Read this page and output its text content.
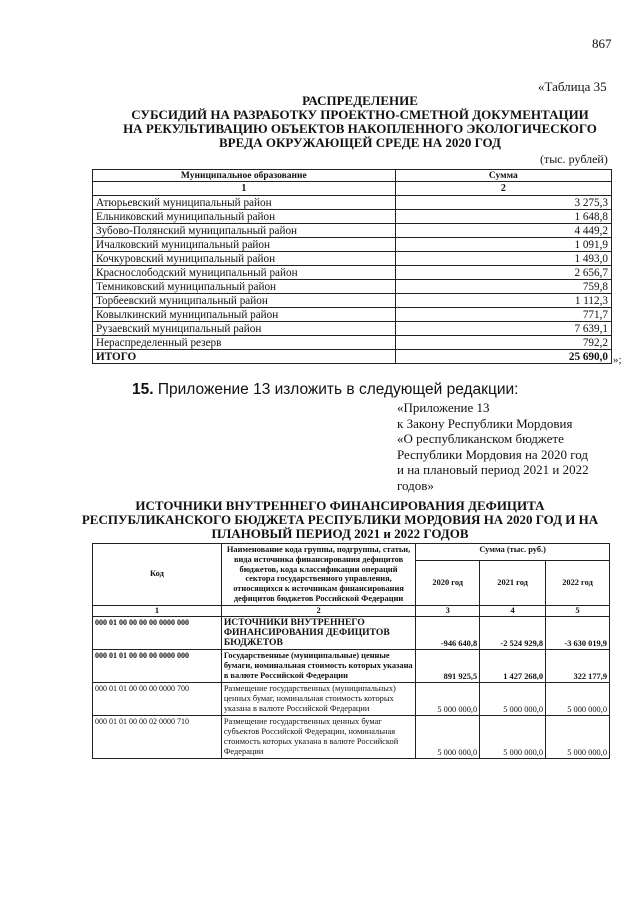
867
«Таблица 35
РАСПРЕДЕЛЕНИЕ
СУБСИДИЙ НА РАЗРАБОТКУ ПРОЕКТНО-СМЕТНОЙ ДОКУМЕНТАЦИИ
НА РЕКУЛЬТИВАЦИЮ ОБЪЕКТОВ НАКОПЛЕННОГО ЭКОЛОГИЧЕСКОГО
ВРЕДА ОКРУЖАЮЩЕЙ СРЕДЕ НА 2020 ГОД
(тыс. рублей)
Муниципальное образование	Сумма
1	2
Атюрьевский муниципальный район	3 275,3
Ельниковский муниципальный район	1 648,8
Зубово-Полянский муниципальный район	4 449,2
Ичалковский муниципальный район	1 091,9
Кочкуровский муниципальный район	1 493,0
Краснослободский муниципальный район	2 656,7
Темниковский муниципальный район	759,8
Торбеевский муниципальный район	1 112,3
Ковылкинский муниципальный район	771,7
Рузаевский муниципальный район	7 639,1
Нераспределенный резерв	792,2
ИТОГО	25 690,0 »;
15. Приложение 13 изложить в следующей редакции:
«Приложение 13
к Закону Республики Мордовия
«О республиканском бюджете
Республики Мордовия на 2020 год
и на плановый период 2021 и 2022
годов»
ИСТОЧНИКИ ВНУТРЕННЕГО ФИНАНСИРОВАНИЯ ДЕФИЦИТА
РЕСПУБЛИКАНСКОГО БЮДЖЕТА РЕСПУБЛИКИ МОРДОВИЯ НА 2020 ГОД И НА
ПЛАНОВЫЙ ПЕРИОД 2021 и 2022 ГОДОВ
Код	Наименование кода группы, подгруппы, статьи, вида источника финансирования дефицитов бюджетов, кода классификации операций сектора государственного управления, относящихся к источникам финансирования дефицитов бюджетов Российской Федерации	Сумма (тыс. руб.)		
		2020 год	2021 год	2022 год
1	2	3	4	5
000 01 00 00 00 00 0000 000	ИСТОЧНИКИ ВНУТРЕННЕГО ФИНАНСИРОВАНИЯ ДЕФИЦИТОВ БЮДЖЕТОВ	-946 640,8	-2 524 929,8	-3 630 019,9
000 01 01 00 00 00 0000 000	Государственные (муниципальные) ценные бумаги, номинальная стоимость которых указана в валюте Российской Федерации	891 925,5	1 427 268,0	322 177,9
000 01 01 00 00 00 0000 700	Размещение государственных (муниципальных) ценных бумаг, номинальная стоимость которых указана в валюте Российской Федерации	5 000 000,0	5 000 000,0	5 000 000,0
000 01 01 00 00 02 0000 710	Размещение государственных ценных бумаг субъектов Российской Федерации, номинальная стоимость которых указана в валюте Российской Федерации	5 000 000,0	5 000 000,0	5 000 000,0
